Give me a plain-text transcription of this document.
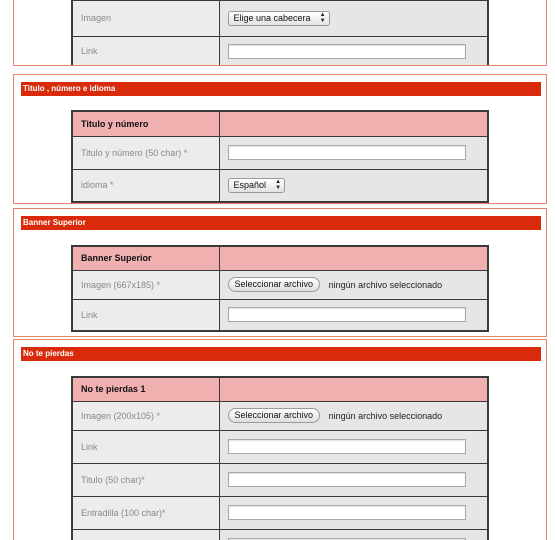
Imagen	Elige una cabecera ▲
▼

Link	
Titulo , número e idioma
Titulo y número	
Titulo y número (50 char) *	

idioma *	Español ▲
▼
Banner Superior
Banner Superior	
Imagen (667x185) *	Seleccionar archivo ningún archivo seleccionado
Link	
No te pierdas
No te pierdas 1	
Imagen (200x105) *	Seleccionar archivo ningún archivo seleccionado
Link	

Titulo (50 char)*	

Entradilla (100 char)*	
